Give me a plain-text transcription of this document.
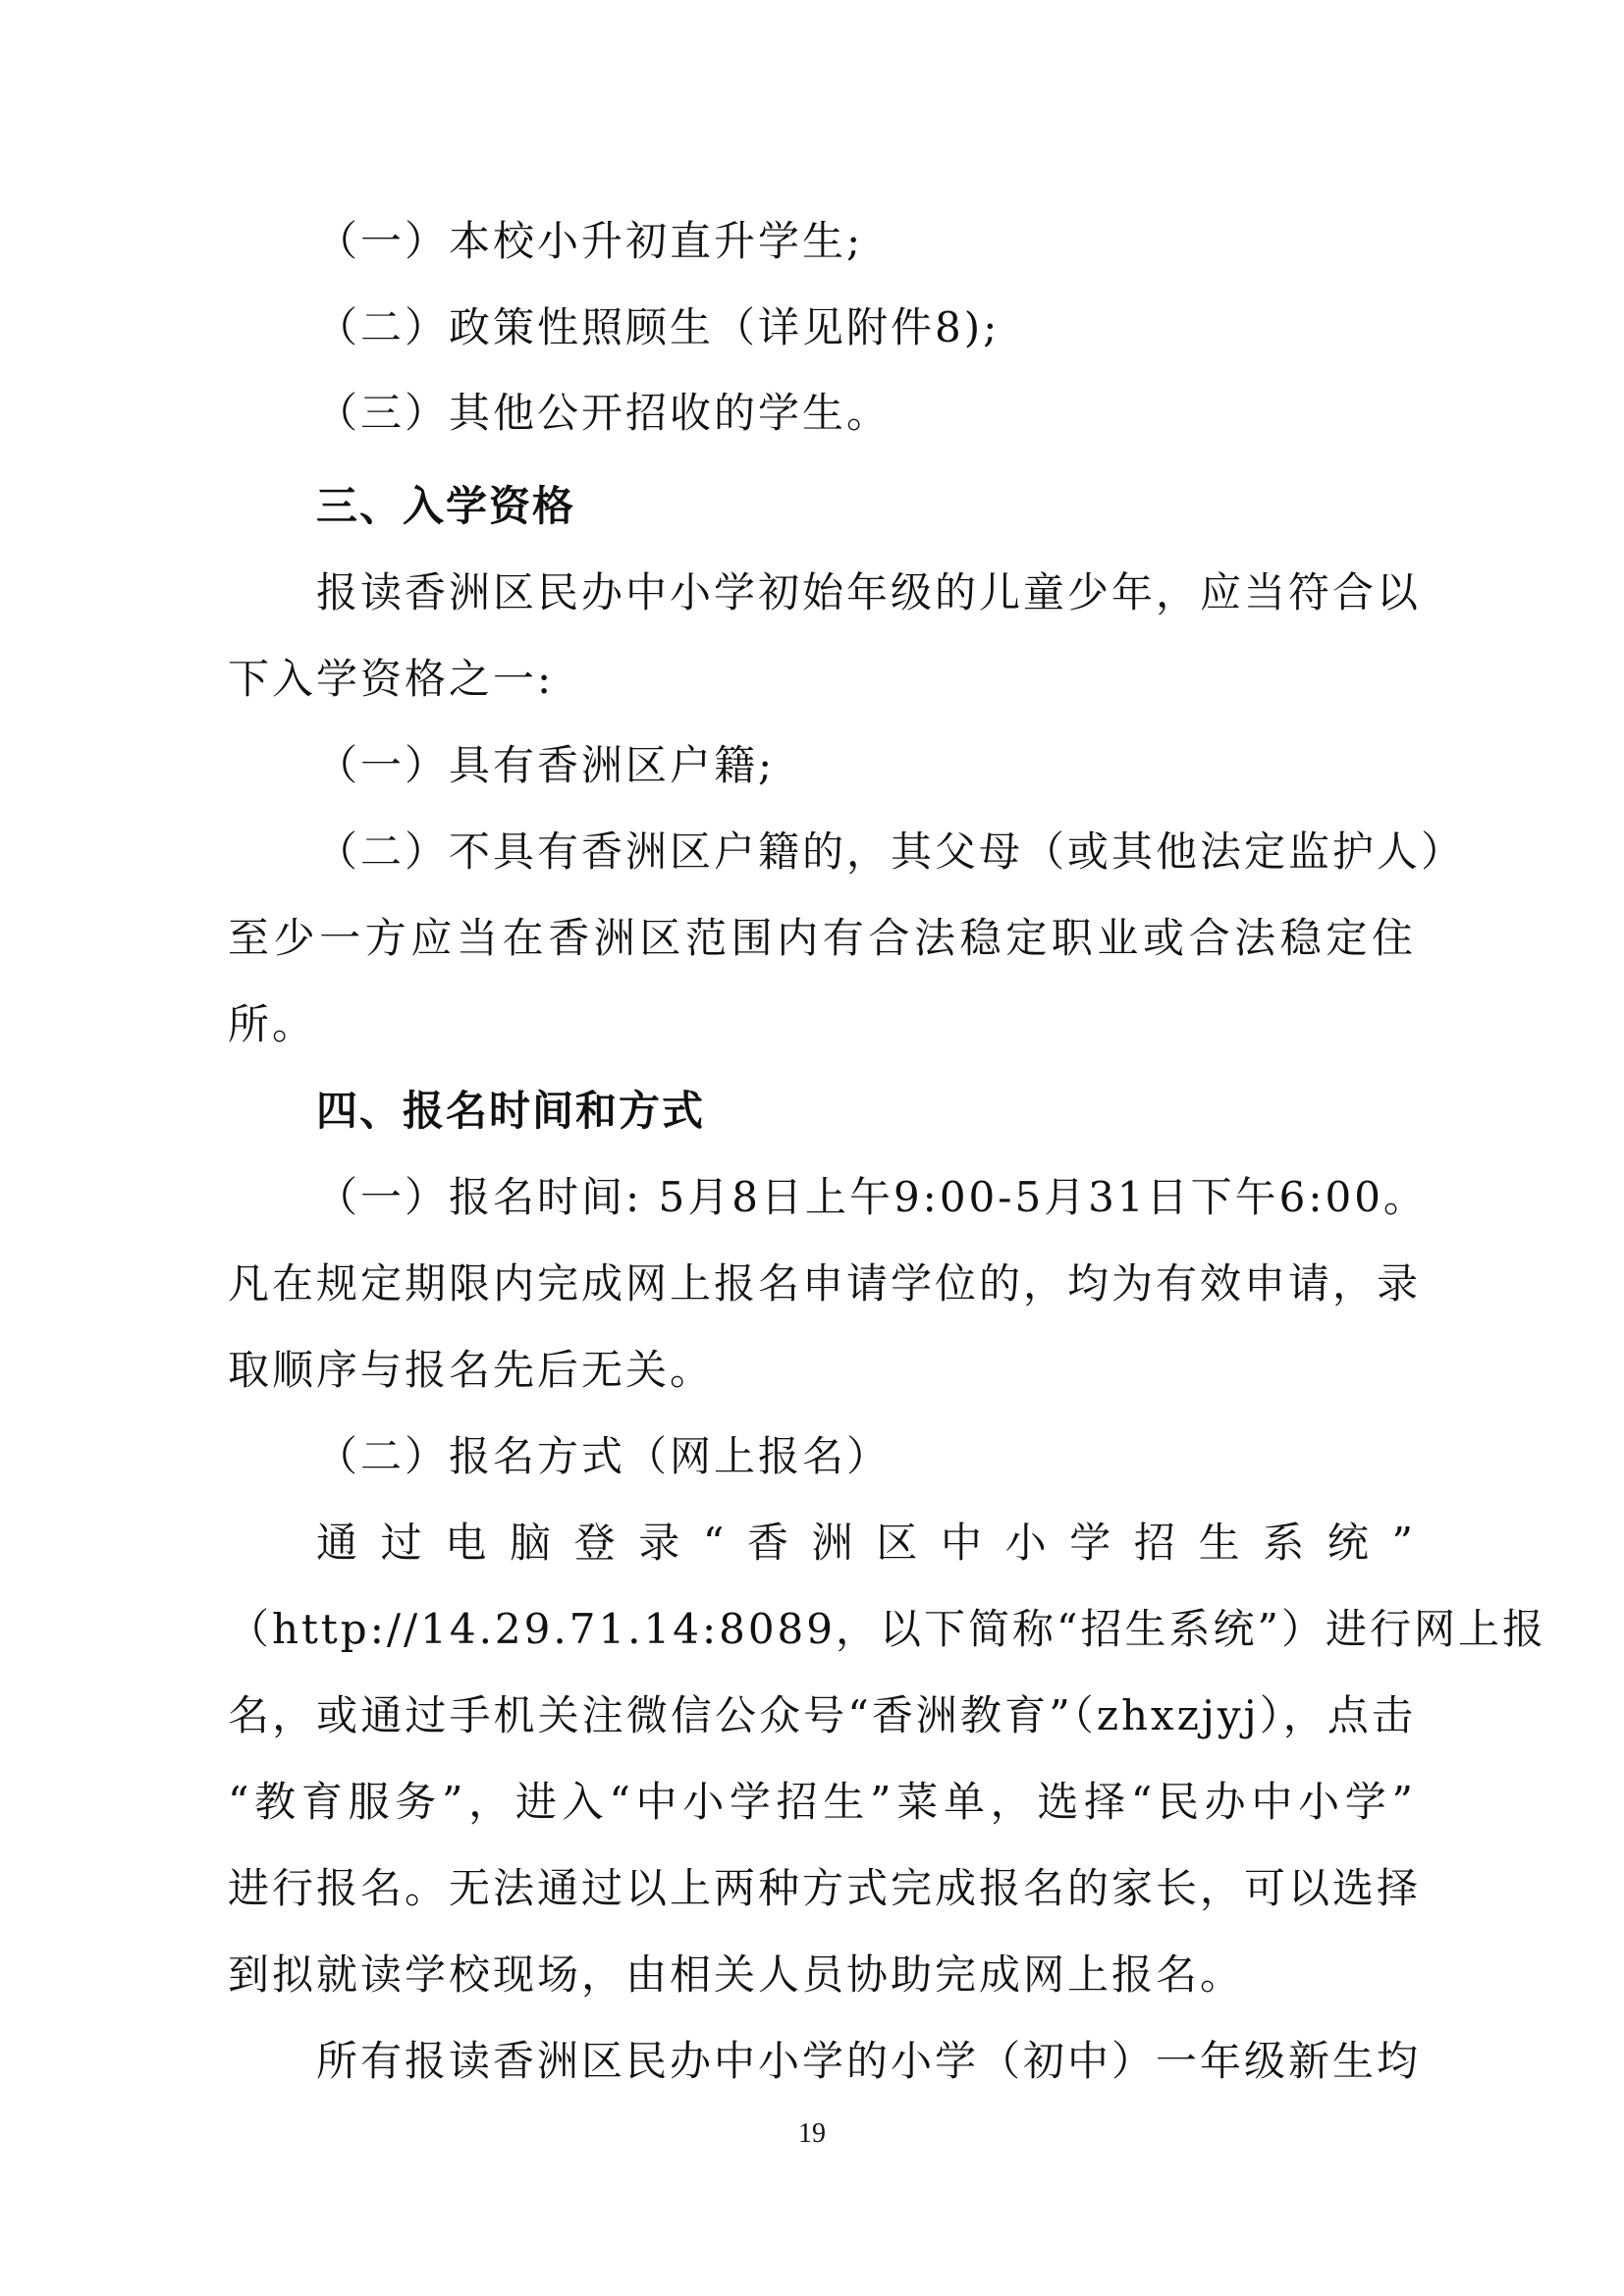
（一）本校小升初直升学生;
（二）政策性照顾生（详见附件8);
（三）其他公开招收的学生。
三、入学资格
报读香洲区民办中小学初始年级的儿童少年，应当符合以
下入学资格之一:
（一）具有香洲区户籍;
（二）不具有香洲区户籍的，其父母（或其他法定监护人）
至少一方应当在香洲区范围内有合法稳定职业或合法稳定住
所。
四、报名时间和方式
（一）报名时间: 5月8日上午9:00-5月31日下午6:00。
凡在规定期限内完成网上报名申请学位的，均为有效申请，录
取顺序与报名先后无关。
（二）报名方式（网上报名）
通过电脑登录“香洲区中小学招生系统”
（http://14.29.71.14:8089，以下简称“招生系统”）进行网上报
名，或通过手机关注微信公众号“香洲教育”（zhxzjyj），点击
“教育服务”，进入“中小学招生”菜单，选择“民办中小学”
进行报名。无法通过以上两种方式完成报名的家长，可以选择
到拟就读学校现场，由相关人员协助完成网上报名。
所有报读香洲区民办中小学的小学（初中）一年级新生均
19
